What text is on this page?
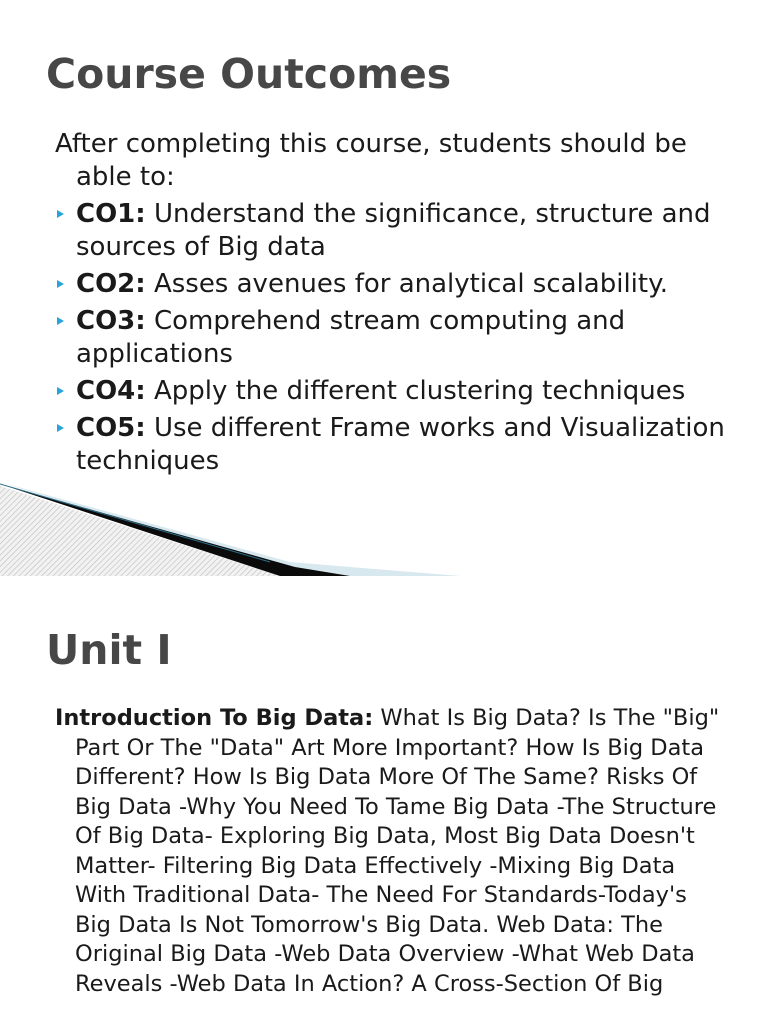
Course Outcomes

After completing this course, students should be able to:

CO1: Understand the significance, structure and sources of Big data
CO2: Asses avenues for analytical scalability.
CO3: Comprehend stream computing and applications
CO4: Apply the different clustering techniques
CO5: Use different Frame works and Visualization techniques
Unit I

Introduction To Big Data: What Is Big Data? Is The "Big" Part Or The "Data" Art More Important? How Is Big Data Different? How Is Big Data More Of The Same? Risks Of Big Data -Why You Need To Tame Big Data -The Structure Of Big Data- Exploring Big Data, Most Big Data Doesn't Matter- Filtering Big Data Effectively -Mixing Big Data With Traditional Data- The Need For Standards-Today's Big Data Is Not Tomorrow's Big Data. Web Data: The Original Big Data -Web Data Overview -What Web Data Reveals -Web Data In Action? A Cross-Section Of Big
